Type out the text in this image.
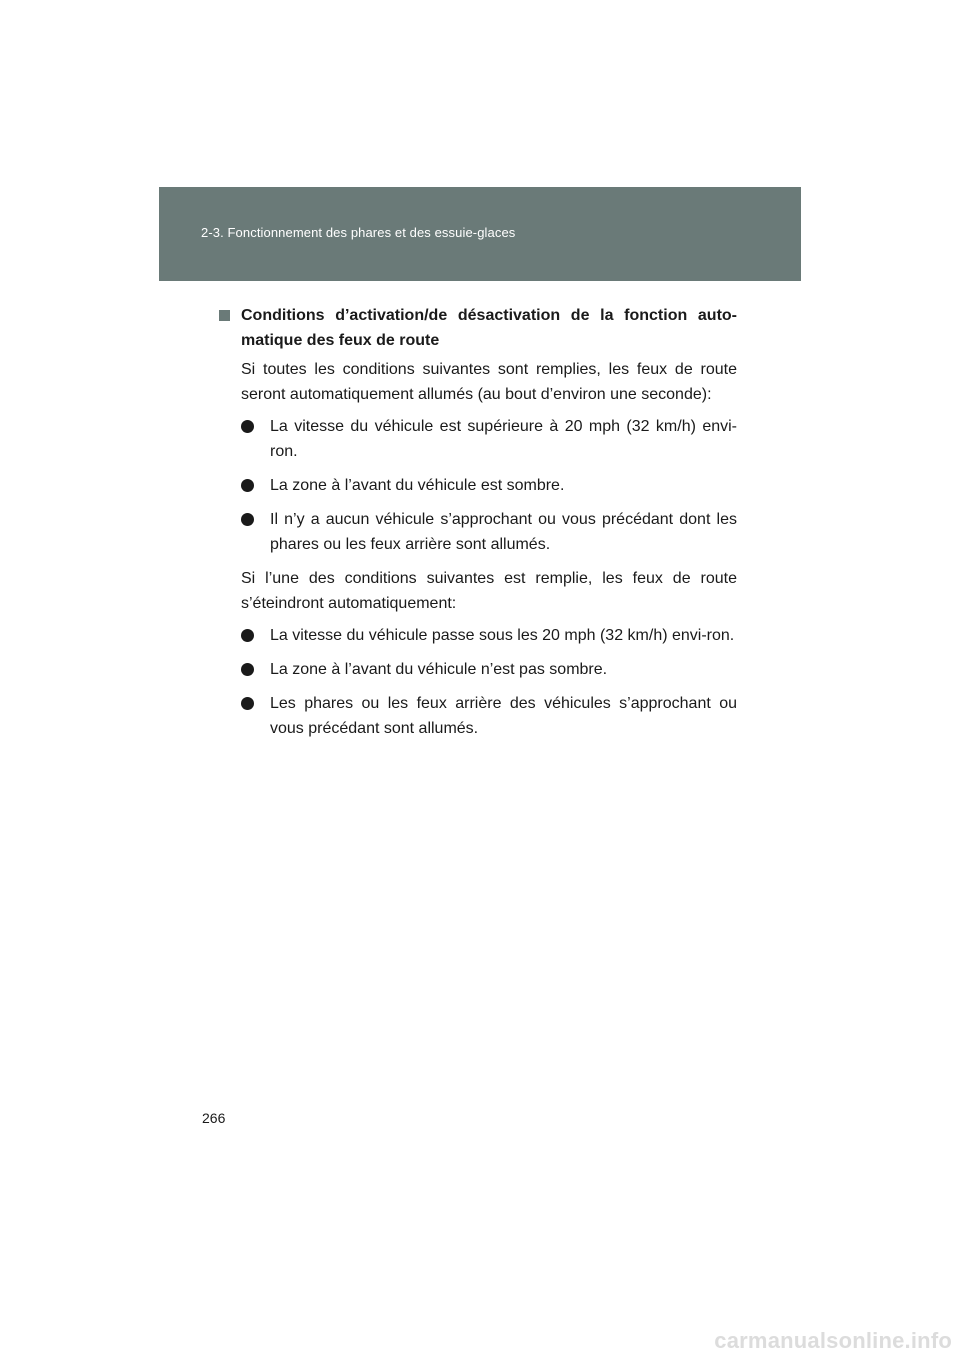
2-3. Fonctionnement des phares et des essuie-glaces
Conditions d’activation/de désactivation de la fonction auto-matique des feux de route

Si toutes les conditions suivantes sont remplies, les feux de route seront automatiquement allumés (au bout d’environ une seconde):

La vitesse du véhicule est supérieure à 20 mph (32 km/h) envi-ron.
La zone à l’avant du véhicule est sombre.
Il n’y a aucun véhicule s’approchant ou vous précédant dont les phares ou les feux arrière sont allumés.

Si l’une des conditions suivantes est remplie, les feux de route s’éteindront automatiquement:

La vitesse du véhicule passe sous les 20 mph (32 km/h) envi-ron.
La zone à l’avant du véhicule n’est pas sombre.
Les phares ou les feux arrière des véhicules s’approchant ou vous précédant sont allumés.
266
carmanualsonline.info
